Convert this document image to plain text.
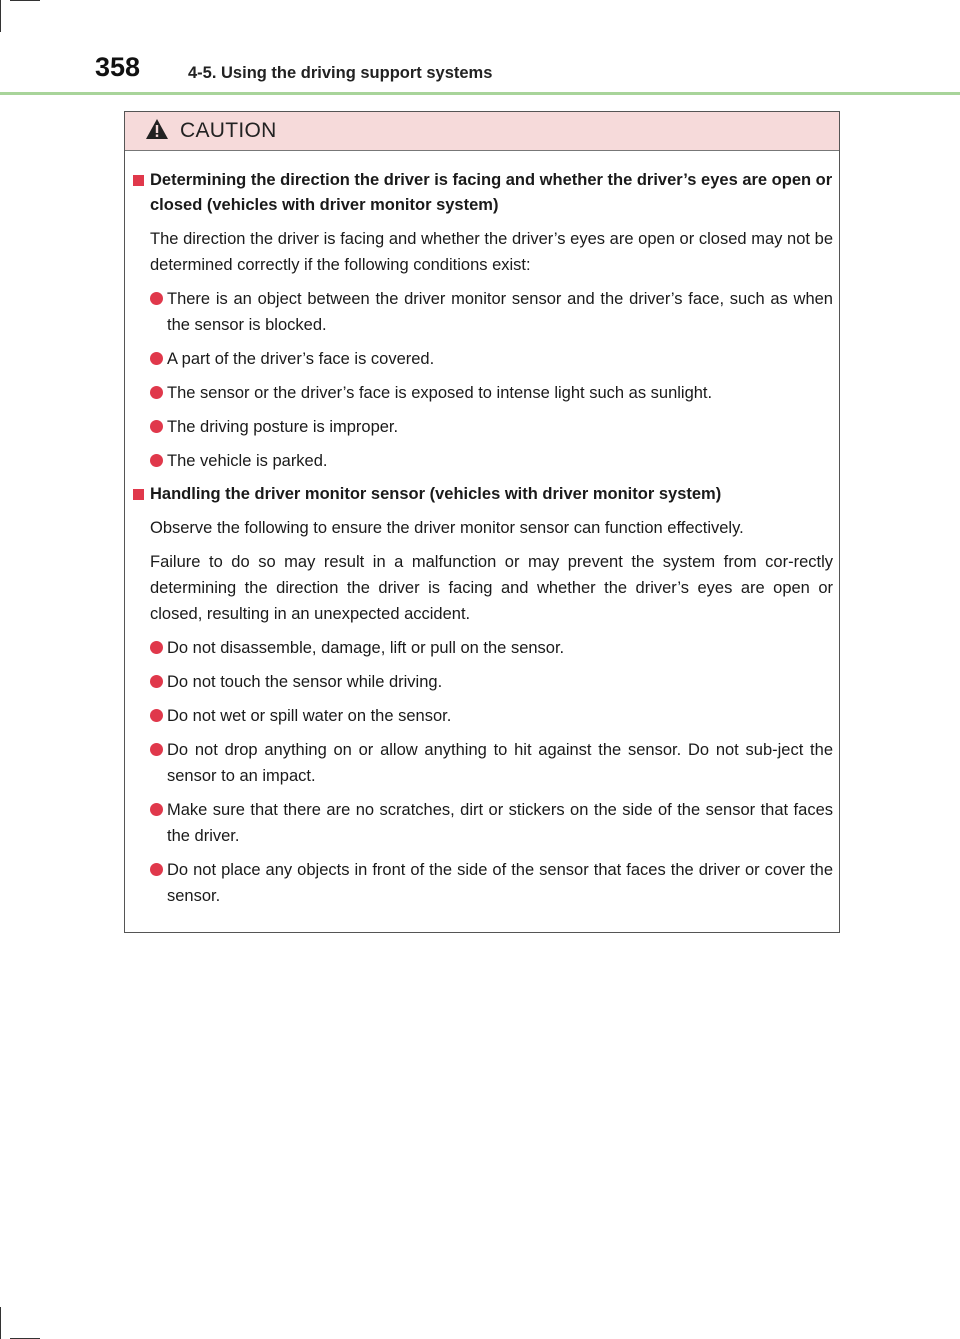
358	4-5. Using the driving support systems
CAUTION
Determining the direction the driver is facing and whether the driver’s eyes are open or closed (vehicles with driver monitor system)
The direction the driver is facing and whether the driver’s eyes are open or closed may not be determined correctly if the following conditions exist:
There is an object between the driver monitor sensor and the driver’s face, such as when the sensor is blocked.
A part of the driver’s face is covered.
The sensor or the driver’s face is exposed to intense light such as sunlight.
The driving posture is improper.
The vehicle is parked.
Handling the driver monitor sensor (vehicles with driver monitor system)
Observe the following to ensure the driver monitor sensor can function effectively.
Failure to do so may result in a malfunction or may prevent the system from cor-rectly determining the direction the driver is facing and whether the driver’s eyes are open or closed, resulting in an unexpected accident.
Do not disassemble, damage, lift or pull on the sensor.
Do not touch the sensor while driving.
Do not wet or spill water on the sensor.
Do not drop anything on or allow anything to hit against the sensor. Do not sub-ject the sensor to an impact.
Make sure that there are no scratches, dirt or stickers on the side of the sensor that faces the driver.
Do not place any objects in front of the side of the sensor that faces the driver or cover the sensor.
